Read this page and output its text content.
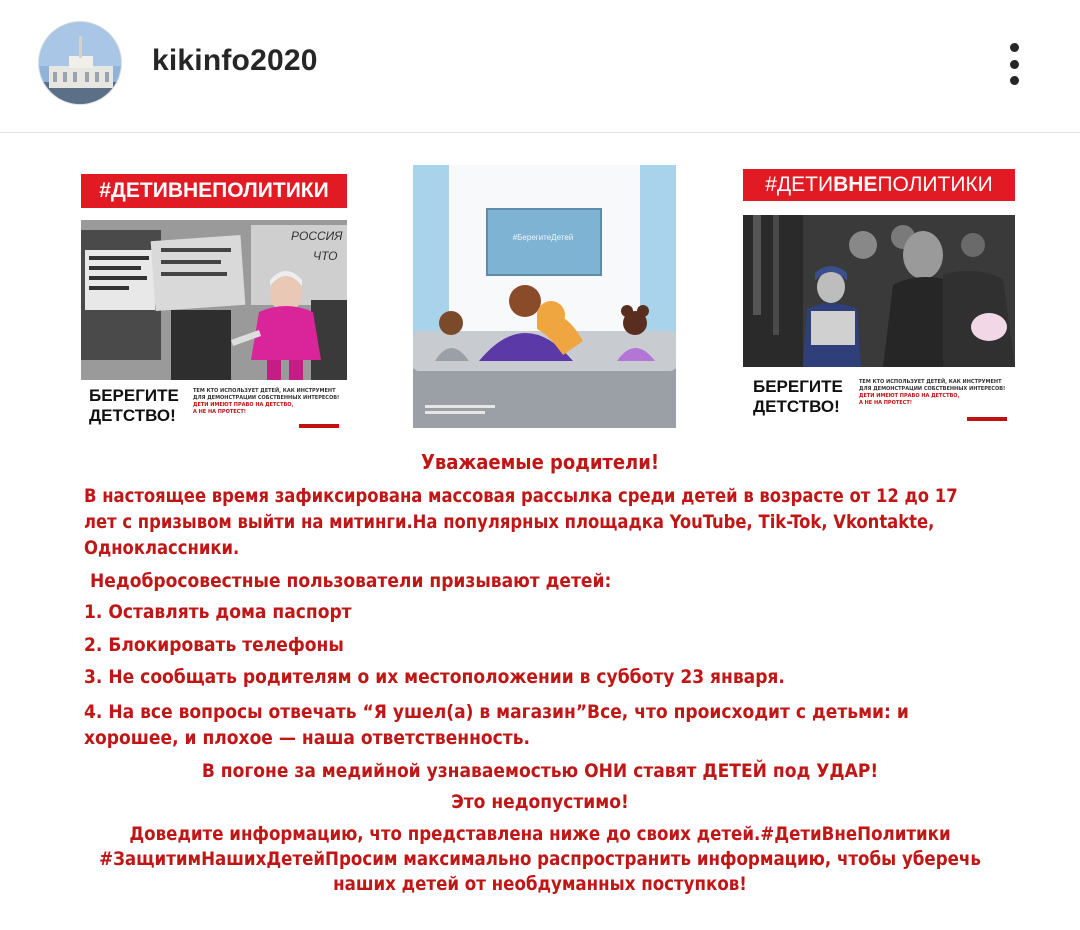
kikinfo2020
#ДЕТИВНЕПОЛИТИКИ
РОССИЯ
ЧТО
БЕРЕГИТЕ
ДЕТСТВО!
ТЕМ КТО ИСПОЛЬЗУЕТ ДЕТЕЙ, КАК ИНСТРУМЕНТ
ДЛЯ ДЕМОНСТРАЦИИ СОБСТВЕННЫХ ИНТЕРЕСОВ!
ДЕТИ ИМЕЮТ ПРАВО НА ДЕТСТВО,
А НЕ НА ПРОТЕСТ!
#БерегитеДетей
#ДЕТИВНЕПОЛИТИКИ
БЕРЕГИТЕ
ДЕТСТВО!
ТЕМ КТО ИСПОЛЬЗУЕТ ДЕТЕЙ, КАК ИНСТРУМЕНТ
ДЛЯ ДЕМОНСТРАЦИИ СОБСТВЕННЫХ ИНТЕРЕСОВ!
ДЕТИ ИМЕЮТ ПРАВО НА ДЕТСТВО,
А НЕ НА ПРОТЕСТ!
Уважаемые родители!
В настоящее время зафиксирована массовая рассылка среди детей в возрасте от 12 до 17 лет с призывом выйти на митинги.На популярных площадка YouTube, Tik-Tok, Vkontakte, Одноклассники.
Недобросовестные пользователи призывают детей:
1. Оставлять дома паспорт
2. Блокировать телефоны
3. Не сообщать родителям о их местоположении в субботу 23 января.
4. На все вопросы отвечать “Я ушел(а) в магазин”Все, что происходит с детьми: и хорошее, и плохое — наша ответственность.
В погоне за медийной узнаваемостью ОНИ ставят ДЕТЕЙ под УДАР!
Это недопустимо!
Доведите информацию, что представлена ниже до своих детей.#ДетиВнеПолитики #ЗащитимНашихДетейПросим максимально распространить информацию, чтобы уберечь наших детей от необдуманных поступков!
